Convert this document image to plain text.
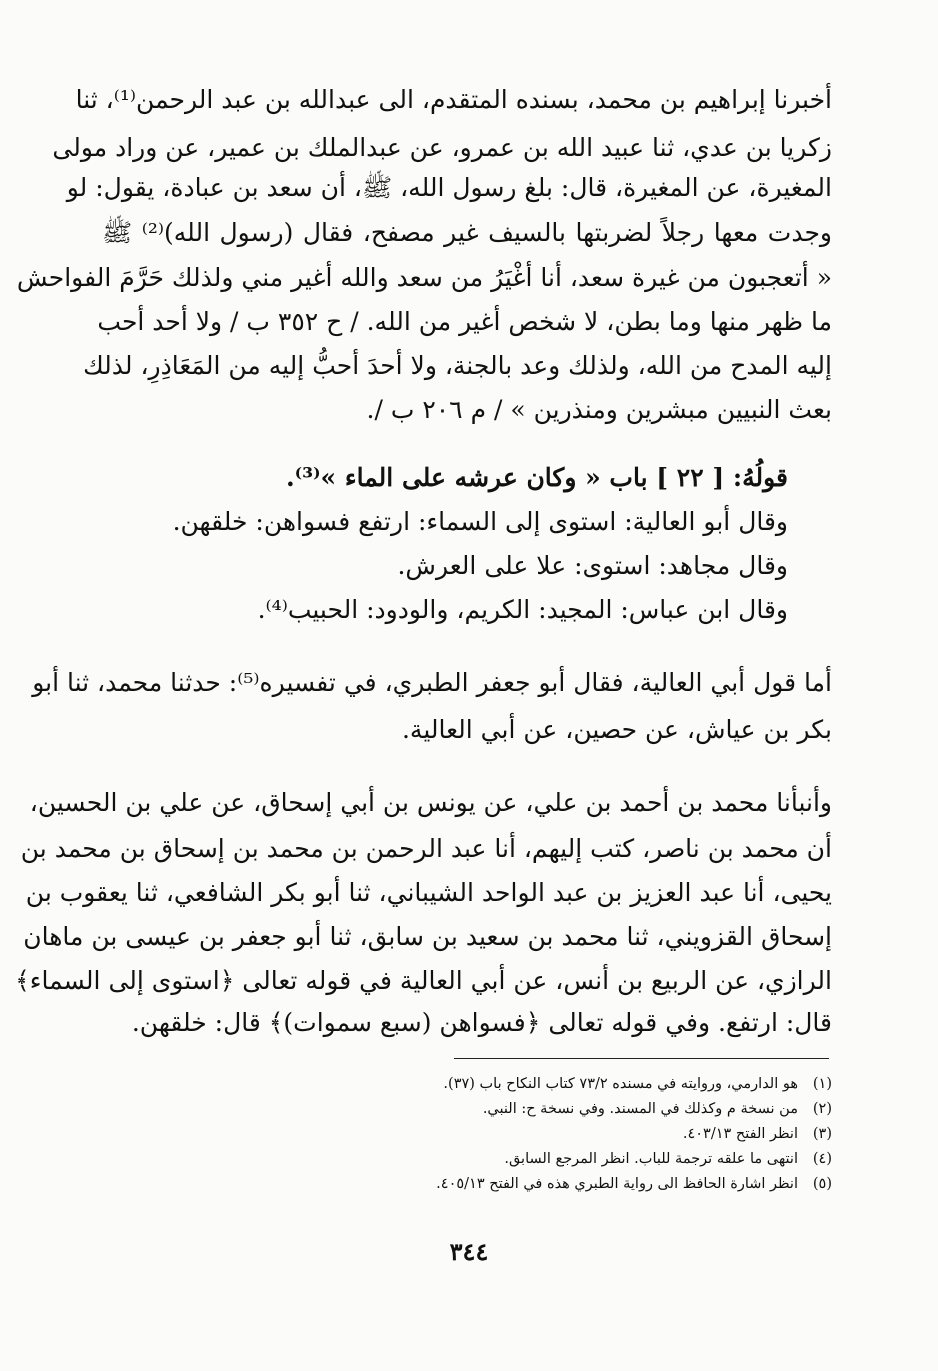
أخبرنا إبراهيم بن محمد، بسنده المتقدم، الى عبدالله بن عبد الرحمن⁽¹⁾، ثنا
زكريا بن عدي، ثنا عبيد الله بن عمرو، عن عبدالملك بن عمير، عن وراد مولى
المغيرة، عن المغيرة، قال: بلغ رسول الله، ﷺ، أن سعد بن عبادة، يقول: لو
وجدت معها رجلاً لضربتها بالسيف غير مصفح، فقال (رسول الله)⁽²⁾ ﷺ
« أتعجبون من غيرة سعد، أنا أغْيَرُ من سعد والله أغير مني ولذلك حَرَّمَ الفواحش
ما ظهر منها وما بطن، لا شخص أغير من الله. / ح ٣٥٢ ب / ولا أحد أحب
إليه المدح من الله، ولذلك وعد بالجنة، ولا أحدَ أحبُّ إليه من المَعَاذِرِ، لذلك
بعث النبيين مبشرين ومنذرين » / م ٢٠٦ ب /.
قولُهُ: [ ٢٢ ] باب « وكان عرشه على الماء »⁽³⁾.
وقال أبو العالية: استوى إلى السماء: ارتفع فسواهن: خلقهن.
وقال مجاهد: استوى: علا على العرش.
وقال ابن عباس: المجيد: الكريم، والودود: الحبيب⁽⁴⁾.
أما قول أبي العالية، فقال أبو جعفر الطبري، في تفسيره⁽⁵⁾: حدثنا محمد، ثنا أبو
بكر بن عياش، عن حصين، عن أبي العالية.
وأنبأنا محمد بن أحمد بن علي، عن يونس بن أبي إسحاق، عن علي بن الحسين،
أن محمد بن ناصر، كتب إليهم، أنا عبد الرحمن بن محمد بن إسحاق بن محمد بن
يحيى، أنا عبد العزيز بن عبد الواحد الشيباني، ثنا أبو بكر الشافعي، ثنا يعقوب بن
إسحاق القزويني، ثنا محمد بن سعيد بن سابق، ثنا أبو جعفر بن عيسى بن ماهان
الرازي، عن الربيع بن أنس، عن أبي العالية في قوله تعالى ﴿استوى إلى السماء﴾
قال: ارتفع. وفي قوله تعالى ﴿فسواهن (سبع سموات)﴾ قال: خلقهن.
(١)هو الدارمي، وروايته في مسنده ٧٣/٢ كتاب النكاح باب (٣٧).
(٢)من نسخة م وكذلك في المسند. وفي نسخة ح: النبي.
(٣)انظر الفتح ٤٠٣/١٣.
(٤)انتهى ما علقه ترجمة للباب. انظر المرجع السابق.
(٥)انظر اشارة الحافظ الى رواية الطبري هذه في الفتح ٤٠٥/١٣.
٣٤٤
